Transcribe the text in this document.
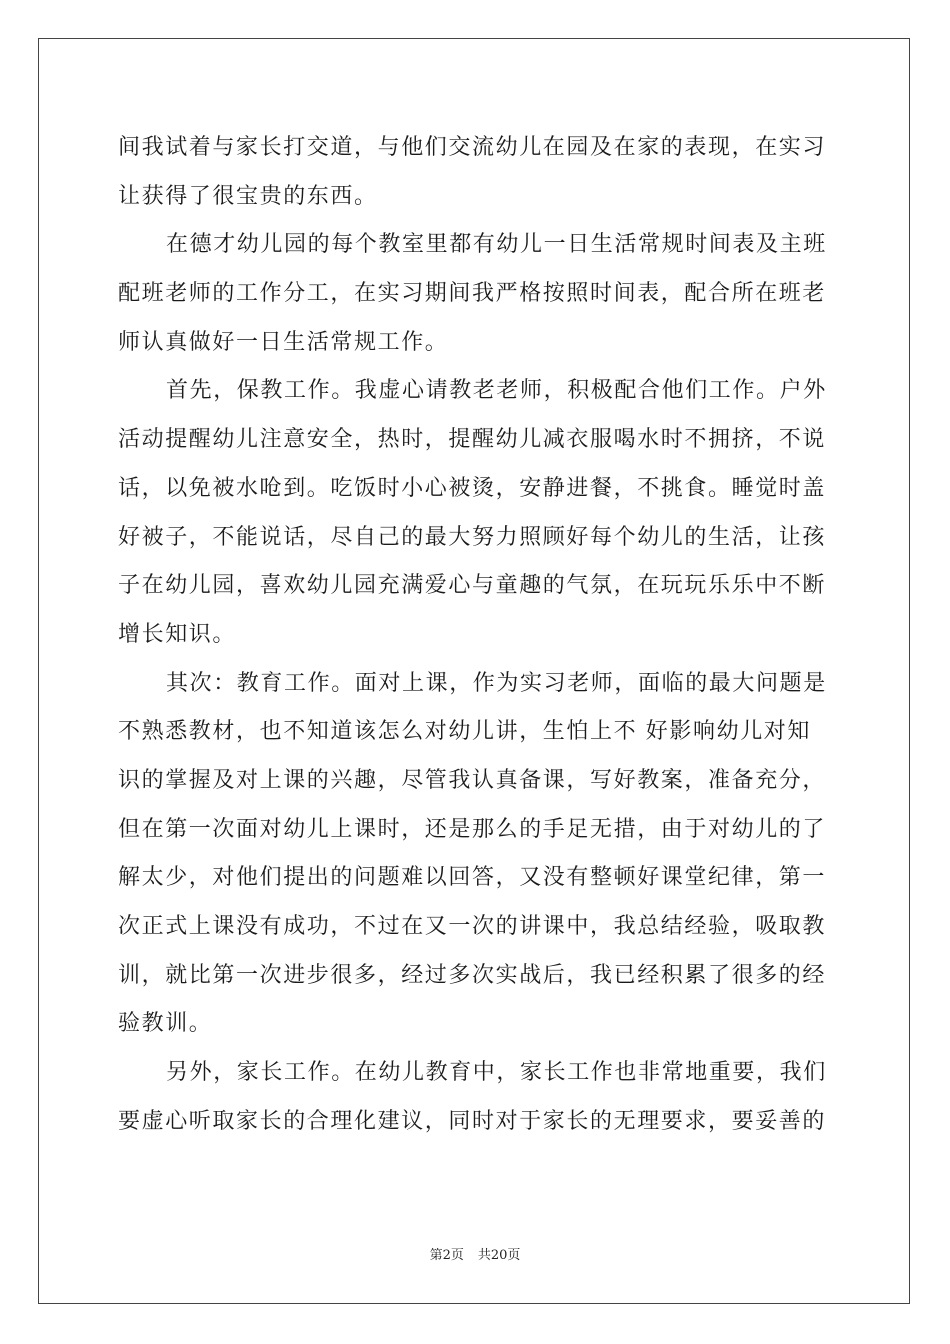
间我试着与家长打交道，与他们交流幼儿在园及在家的表现，在实习
让获得了很宝贵的东西。
在德才幼儿园的每个教室里都有幼儿一日生活常规时间表及主班
配班老师的工作分工，在实习期间我严格按照时间表，配合所在班老
师认真做好一日生活常规工作。
首先，保教工作。我虚心请教老老师，积极配合他们工作。户外
活动提醒幼儿注意安全，热时，提醒幼儿减衣服喝水时不拥挤，不说
话，以免被水呛到。吃饭时小心被烫，安静进餐，不挑食。睡觉时盖
好被子，不能说话，尽自己的最大努力照顾好每个幼儿的生活，让孩
子在幼儿园，喜欢幼儿园充满爱心与童趣的气氛，在玩玩乐乐中不断
增长知识。
其次：教育工作。面对上课，作为实习老师，面临的最大问题是
不熟悉教材，也不知道该怎么对幼儿讲，生怕上不 好影响幼儿对知
识的掌握及对上课的兴趣，尽管我认真备课，写好教案，准备充分，
但在第一次面对幼儿上课时，还是那么的手足无措，由于对幼儿的了
解太少，对他们提出的问题难以回答，又没有整顿好课堂纪律，第一
次正式上课没有成功，不过在又一次的讲课中，我总结经验，吸取教
训，就比第一次进步很多，经过多次实战后，我已经积累了很多的经
验教训。
另外，家长工作。在幼儿教育中，家长工作也非常地重要，我们
要虚心听取家长的合理化建议，同时对于家长的无理要求，要妥善的
第2页 共20页
